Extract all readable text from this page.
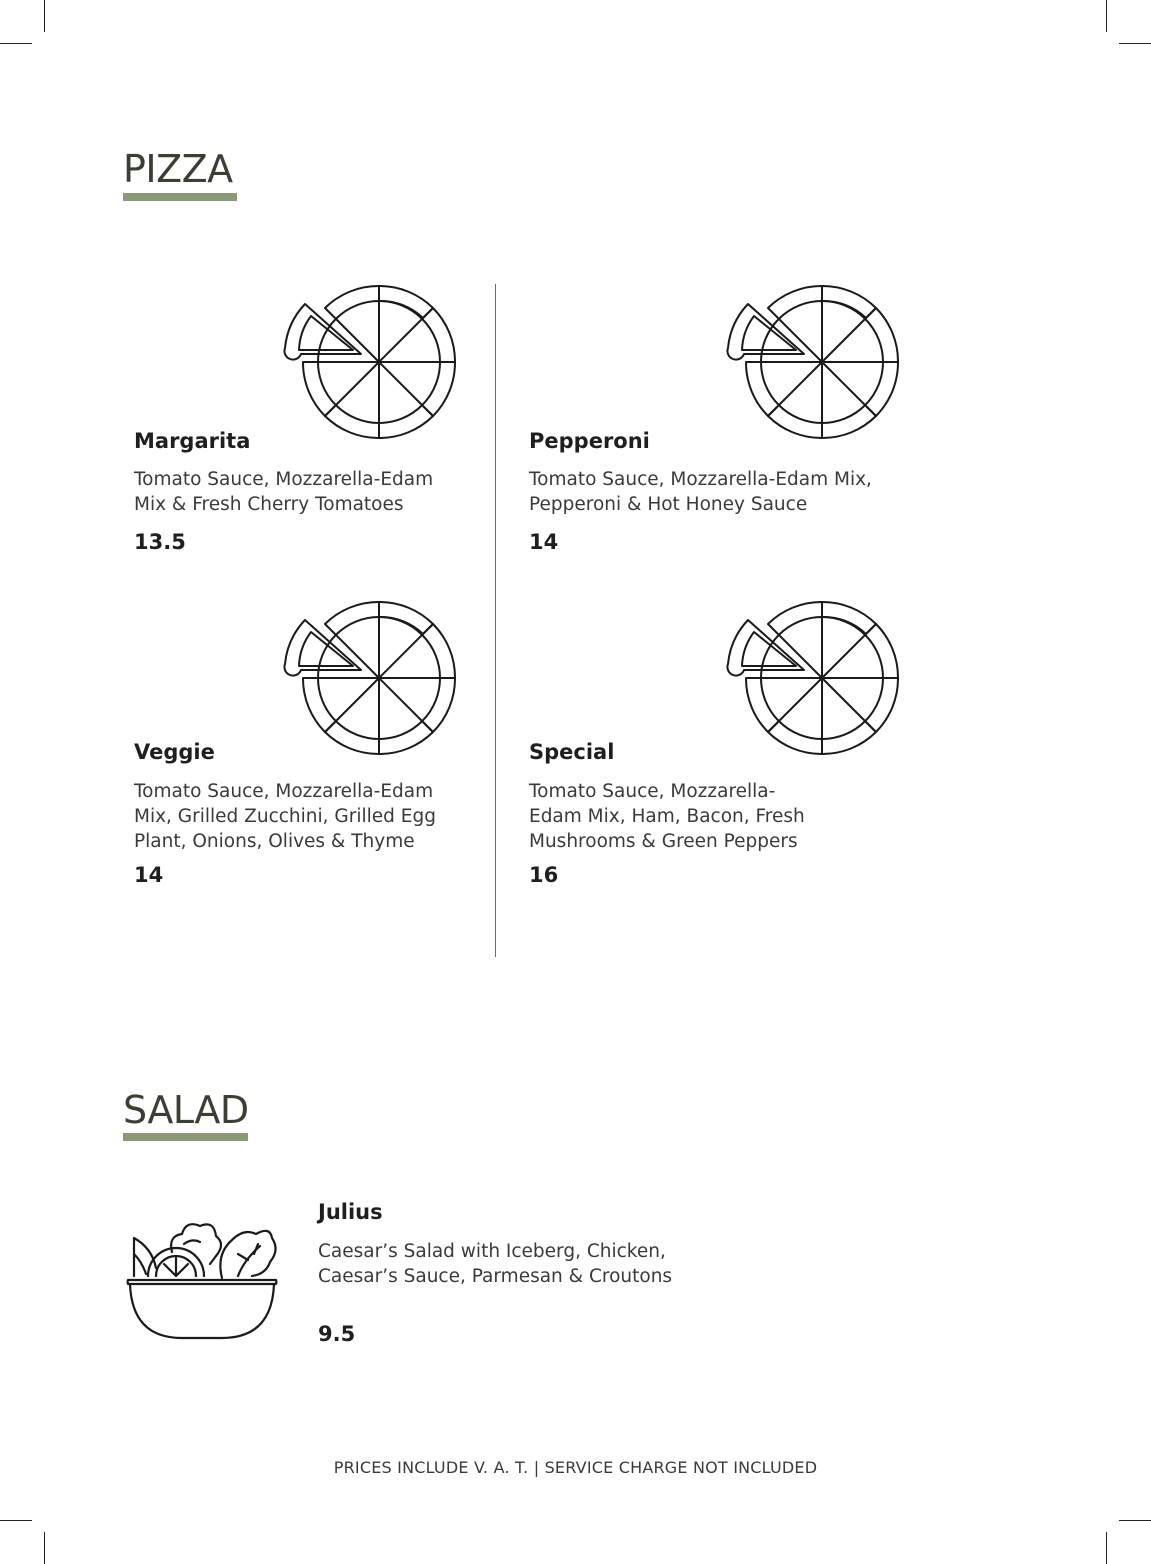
PIZZA
Margarita
Tomato Sauce, Mozzarella-Edam
Mix & Fresh Cherry Tomatoes
13.5
Pepperoni
Tomato Sauce, Mozzarella-Edam Mix,
Pepperoni & Hot Honey Sauce
14
Veggie
Tomato Sauce, Mozzarella-Edam
Mix, Grilled Zucchini, Grilled Egg
Plant, Onions, Olives & Thyme
14
Special
Tomato Sauce, Mozzarella-
Edam Mix, Ham, Bacon, Fresh
Mushrooms & Green Peppers
16
SALAD
Julius
Caesar’s Salad with Iceberg, Chicken,
Caesar’s Sauce, Parmesan & Croutons
9.5
PRICES INCLUDE V. A. T. | SERVICE CHARGE NOT INCLUDED
